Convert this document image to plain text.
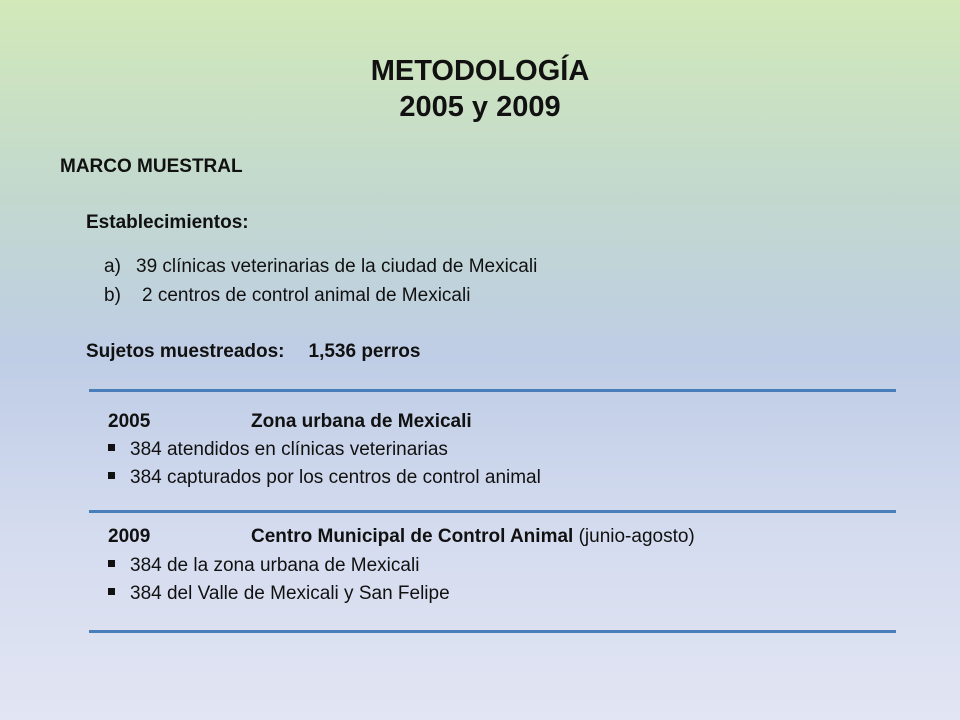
METODOLOGÍA
2005 y 2009
MARCO MUESTRAL
Establecimientos:
a) 39 clínicas veterinarias de la ciudad de Mexicali
b) 2 centros de control animal de Mexicali
Sujetos muestreados: 1,536 perros
2005	Zona urbana de Mexicali
384 atendidos en clínicas veterinarias
384 capturados por los centros de control animal
2009	Centro Municipal de Control Animal (junio-agosto)
384 de la zona urbana de Mexicali
384 del Valle de Mexicali y San Felipe
